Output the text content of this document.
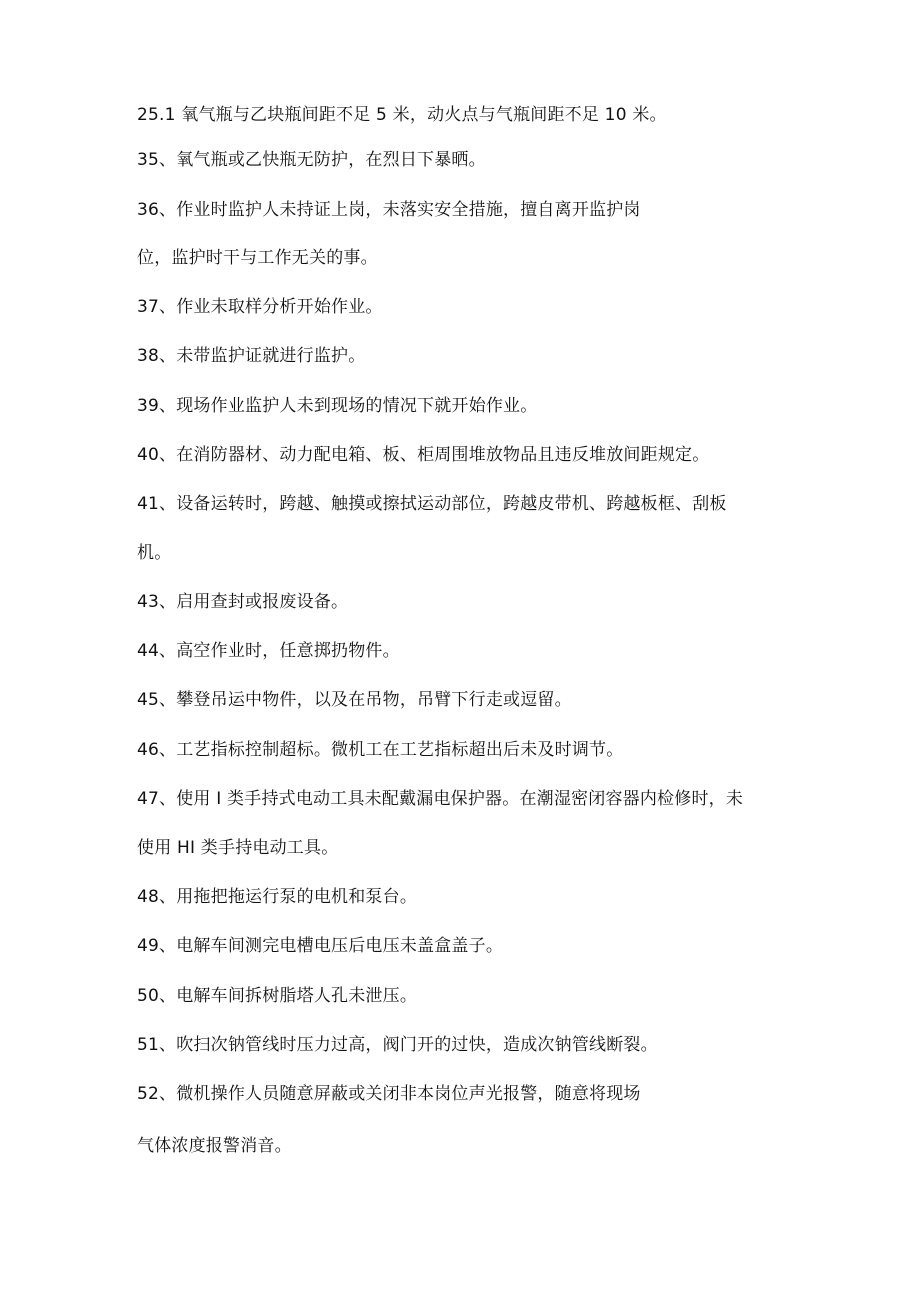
25.1 氧气瓶与乙块瓶间距不足 5 米，动火点与气瓶间距不足 10 米。
35、氧气瓶或乙快瓶无防护，在烈日下暴晒。
36、作业时监护人未持证上岗，未落实安全措施，擅自离开监护岗
位，监护时干与工作无关的事。
37、作业未取样分析开始作业。
38、未带监护证就进行监护。
39、现场作业监护人未到现场的情况下就开始作业。
40、在消防器材、动力配电箱、板、柜周围堆放物品且违反堆放间距规定。
41、设备运转时，跨越、触摸或擦拭运动部位，跨越皮带机、跨越板框、刮板
机。
43、启用查封或报废设备。
44、高空作业时，任意掷扔物件。
45、攀登吊运中物件，以及在吊物，吊臂下行走或逗留。
46、工艺指标控制超标。微机工在工艺指标超出后未及时调节。
47、使用 I 类手持式电动工具未配戴漏电保护器。在潮湿密闭容器内检修时，未
使用 HI 类手持电动工具。
48、用拖把拖运行泵的电机和泵台。
49、电解车间测完电槽电压后电压未盖盒盖子。
50、电解车间拆树脂塔人孔未泄压。
51、吹扫次钠管线时压力过高，阀门开的过快，造成次钠管线断裂。
52、微机操作人员随意屏蔽或关闭非本岗位声光报警，随意将现场
气体浓度报警消音。
